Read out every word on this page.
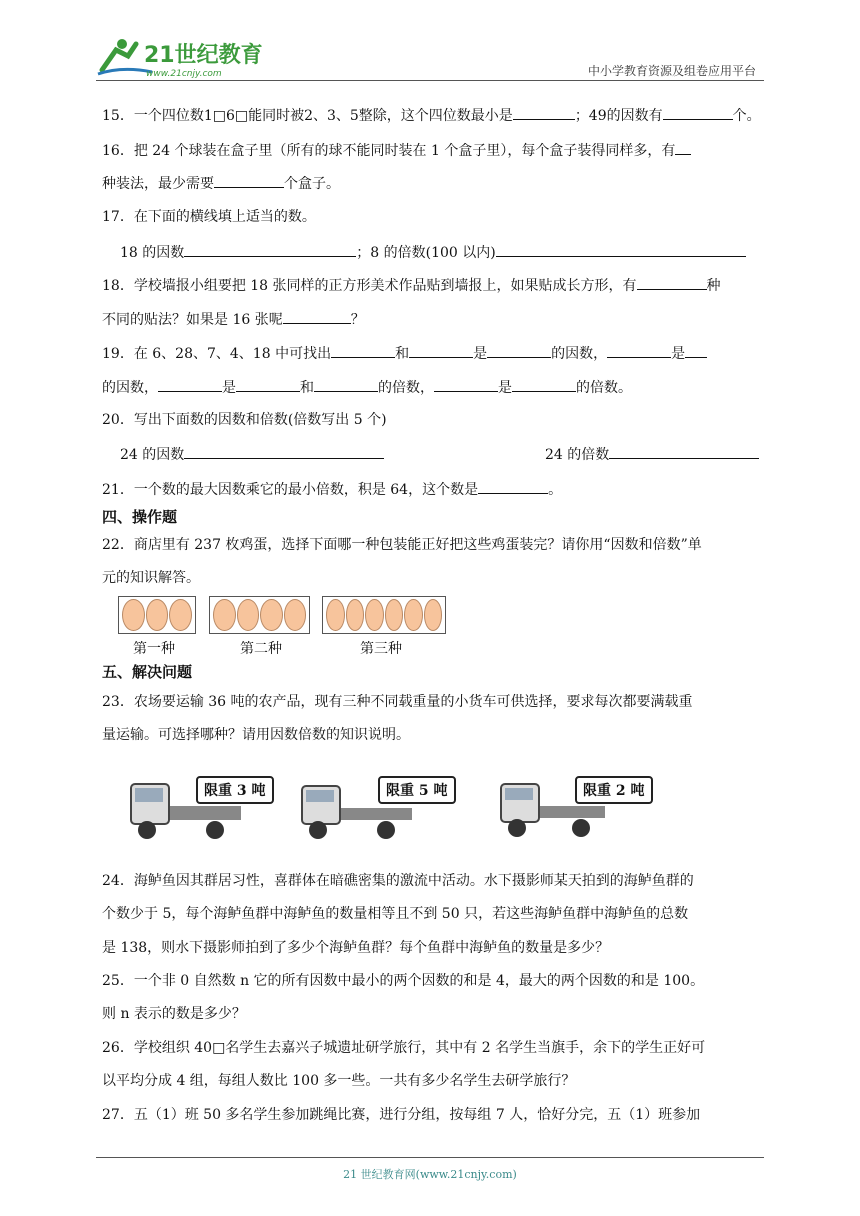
21世纪教育
www.21cnjy.com	中小学教育资源及组卷应用平台
15．一个四位数1□6□能同时被2、3、5整除，这个四位数最小是	；49的因数有	个。
16．把 24 个球装在盒子里（所有的球不能同时装在 1 个盒子里），每个盒子装得同样多，有
种装法，最少需要	个盒子。
17．在下面的横线填上适当的数。
18 的因数	；8 的倍数(100 以内)
18．学校墙报小组要把 18 张同样的正方形美术作品贴到墙报上，如果贴成长方形，有	种
不同的贴法？如果是 16 张呢	？
19．在 6、28、7、4、18 中可找出	和	是	的因数，	是
的因数，	是	和	的倍数，	是	的倍数。
20．写出下面数的因数和倍数(倍数写出 5 个)
24 的因数	24 的倍数
21．一个数的最大因数乘它的最小倍数，积是 64，这个数是	。
四、操作题
22．商店里有 237 枚鸡蛋，选择下面哪一种包装能正好把这些鸡蛋装完？请你用“因数和倍数”单
元的知识解答。
第一种	第二种	第三种
五、解决问题
23．农场要运输 36 吨的农产品，现有三种不同载重量的小货车可供选择，要求每次都要满载重
量运输。可选择哪种？请用因数倍数的知识说明。
限重 3 吨	限重 5 吨	限重 2 吨
24．海鲈鱼因其群居习性，喜群体在暗礁密集的激流中活动。水下摄影师某天拍到的海鲈鱼群的
个数少于 5，每个海鲈鱼群中海鲈鱼的数量相等且不到 50 只，若这些海鲈鱼群中海鲈鱼的总数
是 138，则水下摄影师拍到了多少个海鲈鱼群？每个鱼群中海鲈鱼的数量是多少？
25．一个非 0 自然数 n 它的所有因数中最小的两个因数的和是 4，最大的两个因数的和是 100。
则 n 表示的数是多少？
26．学校组织 40□名学生去嘉兴子城遗址研学旅行，其中有 2 名学生当旗手，余下的学生正好可
以平均分成 4 组，每组人数比 100 多一些。一共有多少名学生去研学旅行？
27．五（1）班 50 多名学生参加跳绳比赛，进行分组，按每组 7 人，恰好分完，五（1）班参加
21 世纪教育网(www.21cnjy.com)
